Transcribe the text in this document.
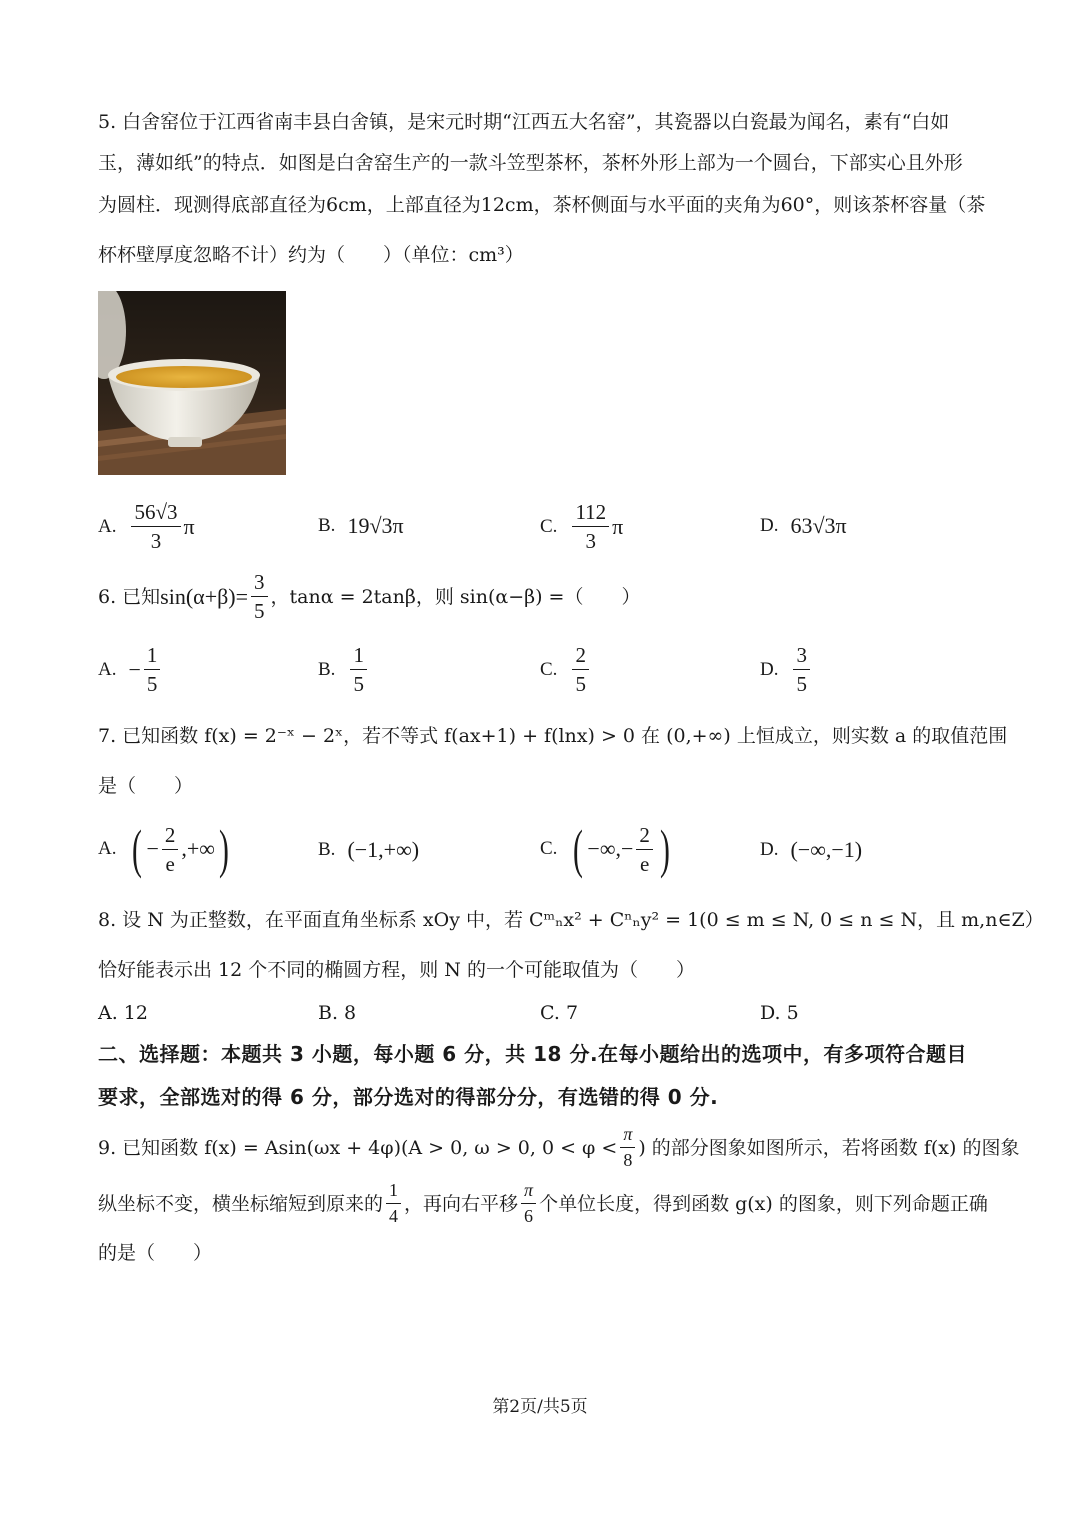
5. 白舍窑位于江西省南丰县白舍镇，是宋元时期“江西五大名窑”，其瓷器以白瓷最为闻名，素有“白如
玉，薄如纸”的特点．如图是白舍窑生产的一款斗笠型茶杯，茶杯外形上部为一个圆台，下部实心且外形
为圆柱．现测得底部直径为6cm，上部直径为12cm，茶杯侧面与水平面的夹角为60°，则该茶杯容量（茶
杯杯壁厚度忽略不计）约为（　　）（单位：cm³）
A. $\frac{56√3}{3}$ π	B. 19√3π	C. $\frac{112}{3}$ π	D. 63√3π
6. 已知 $\sin(\alpha+\beta)= \frac{3}{5}$ ，tanα = 2tanβ，则 sin(α−β) =（　　）
A. − $\frac{1}{5}$	B. $\frac{1}{5}$	C. $\frac{2}{5}$	D. $\frac{3}{5}$
7. 已知函数 f(x) = 2⁻ˣ − 2ˣ，若不等式 f(ax+1) + f(lnx) > 0 在 (0,+∞) 上恒成立，则实数 a 的取值范围
是（　　）
A. ( − $\frac{2}{e}$ ,+∞ )	B. (−1,+∞)	C. ( −∞,− $\frac{2}{e}$ )	D. (−∞,−1)
8. 设 N 为正整数，在平面直角坐标系 xOy 中，若 Cᵐₙx² + Cⁿₙy² = 1(0 ≤ m ≤ N, 0 ≤ n ≤ N，且 m,n∈Z）
恰好能表示出 12 个不同的椭圆方程，则 N 的一个可能取值为（　　）
A. 12	B. 8	C. 7	D. 5
二、选择题：本题共 3 小题，每小题 6 分，共 18 分.在每小题给出的选项中，有多项符合题目
要求，全部选对的得 6 分，部分选对的得部分分，有选错的得 0 分.
9. 已知函数 f(x) = Asin(ωx + 4φ)(A > 0, ω > 0, $0 < \varphi < \frac{\pi}{8}$ ) 的部分图象如图所示，若将函数 f(x) 的图象
纵坐标不变，横坐标缩短到原来的 $\frac{1}{4}$ ，再向右平移 $\frac{\pi}{6}$ 个单位长度，得到函数 g(x) 的图象，则下列命题正确
的是（　　）
第2页/共5页
